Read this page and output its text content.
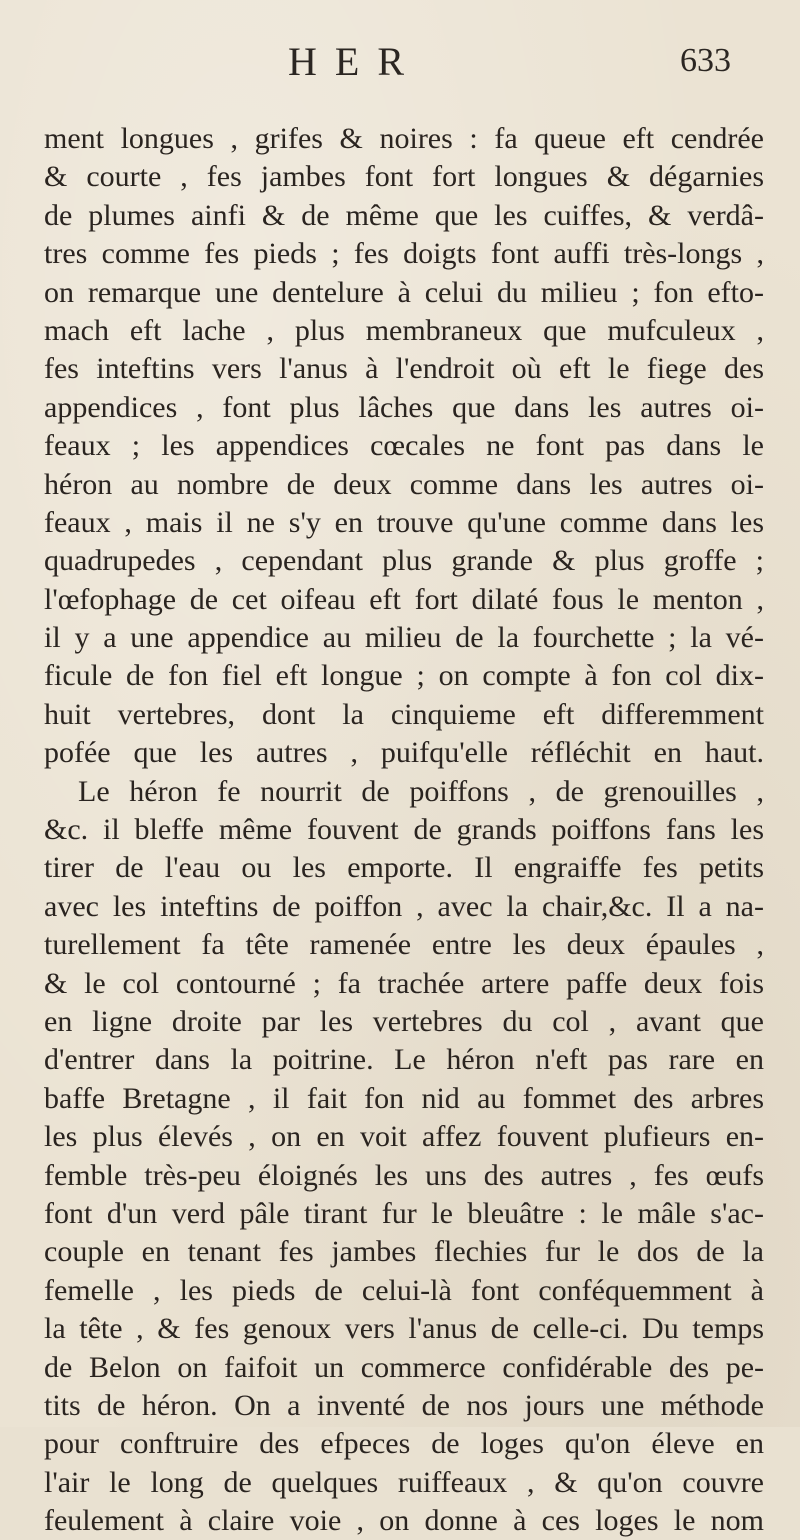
HER	633
ment longues , grifes & noires : fa queue eft cendrée
& courte , fes jambes font fort longues & dégarnies
de plumes ainfi & de même que les cuiffes, & verdâ-
tres comme fes pieds ; fes doigts font auffi très-longs ,
on remarque une dentelure à celui du milieu ; fon efto-
mach eft lache , plus membraneux que mufculeux ,
fes inteftins vers l'anus à l'endroit où eft le fiege des
appendices , font plus lâches que dans les autres oi-
feaux ; les appendices cœcales ne font pas dans le
héron au nombre de deux comme dans les autres oi-
feaux , mais il ne s'y en trouve qu'une comme dans les
quadrupedes , cependant plus grande & plus groffe ;
l'œfophage de cet oifeau eft fort dilaté fous le menton ,
il y a une appendice au milieu de la fourchette ; la vé-
ficule de fon fiel eft longue ; on compte à fon col dix-
huit vertebres, dont la cinquieme eft differemment
pofée que les autres , puifqu'elle réfléchit en haut.
Le héron fe nourrit de poiffons , de grenouilles ,
&c. il bleffe même fouvent de grands poiffons fans les
tirer de l'eau ou les emporte. Il engraiffe fes petits
avec les inteftins de poiffon , avec la chair,&c. Il a na-
turellement fa tête ramenée entre les deux épaules ,
& le col contourné ; fa trachée artere paffe deux fois
en ligne droite par les vertebres du col , avant que
d'entrer dans la poitrine. Le héron n'eft pas rare en
baffe Bretagne , il fait fon nid au fommet des arbres
les plus élevés , on en voit affez fouvent plufieurs en-
femble très-peu éloignés les uns des autres , fes œufs
font d'un verd pâle tirant fur le bleuâtre : le mâle s'ac-
couple en tenant fes jambes flechies fur le dos de la
femelle , les pieds de celui-là font conféquemment à
la tête , & fes genoux vers l'anus de celle-ci. Du temps
de Belon on faifoit un commerce confidérable des pe-
tits de héron. On a inventé de nos jours une méthode
pour conftruire des efpeces de loges qu'on éleve en
l'air le long de quelques ruiffeaux , & qu'on couvre
feulement à claire voie , on donne à ces loges le nom
